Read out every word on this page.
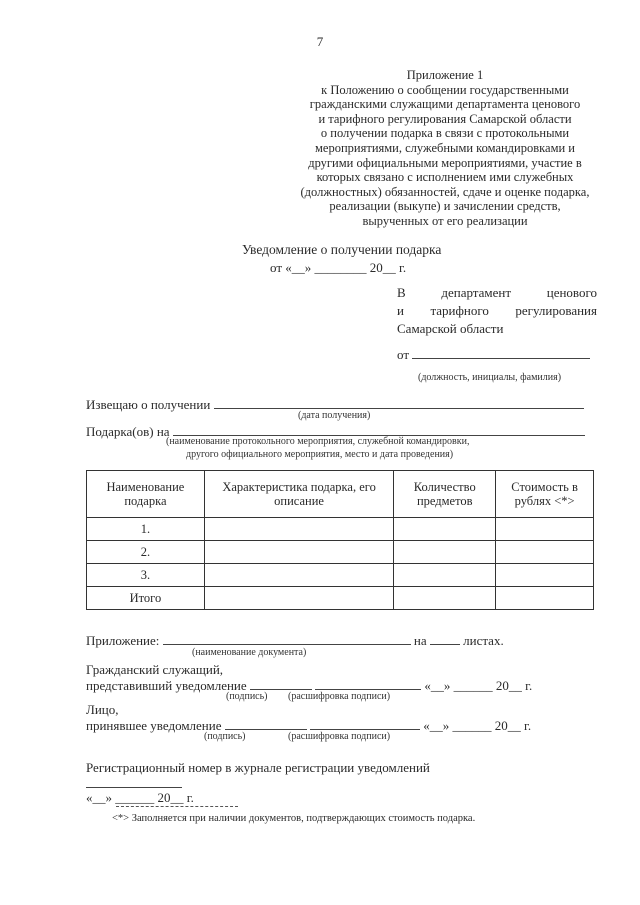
7
Приложение 1
к Положению о сообщении государственными
гражданскими служащими департамента ценового
и тарифного регулирования Самарской области
о получении подарка в связи с протокольными
мероприятиями, служебными командировками и
другими официальными мероприятиями, участие в
которых связано с исполнением ими служебных
(должностных) обязанностей, сдаче и оценке подарка,
реализации (выкупе) и зачислении средств,
вырученных от его реализации
Уведомление о получении подарка
от «__» ________ 20__ г.
В департамент ценового
и тарифного регулирования
Самарской области
от
(должность, инициалы, фамилия)
Извещаю о получении
(дата получения)
Подарка(ов) на
(наименование протокольного мероприятия, служебной командировки,
другого официального мероприятия, место и дата проведения)
Наименование подарка	Характеристика подарка, его описание	Количество предметов	Стоимость в рублях <*>
1.			
2.			
3.			
Итого			
Приложение:	на	листах.
(наименование документа)
Гражданский служащий,
представивший уведомление	«__» ______ 20__ г.
(подпись) (расшифровка подписи)
Лицо,
принявшее уведомление	«__» ______ 20__ г.
(подпись)	(расшифровка подписи)
Регистрационный номер в журнале регистрации уведомлений
«__» ______ 20__ г.
<*> Заполняется при наличии документов, подтверждающих стоимость подарка.
